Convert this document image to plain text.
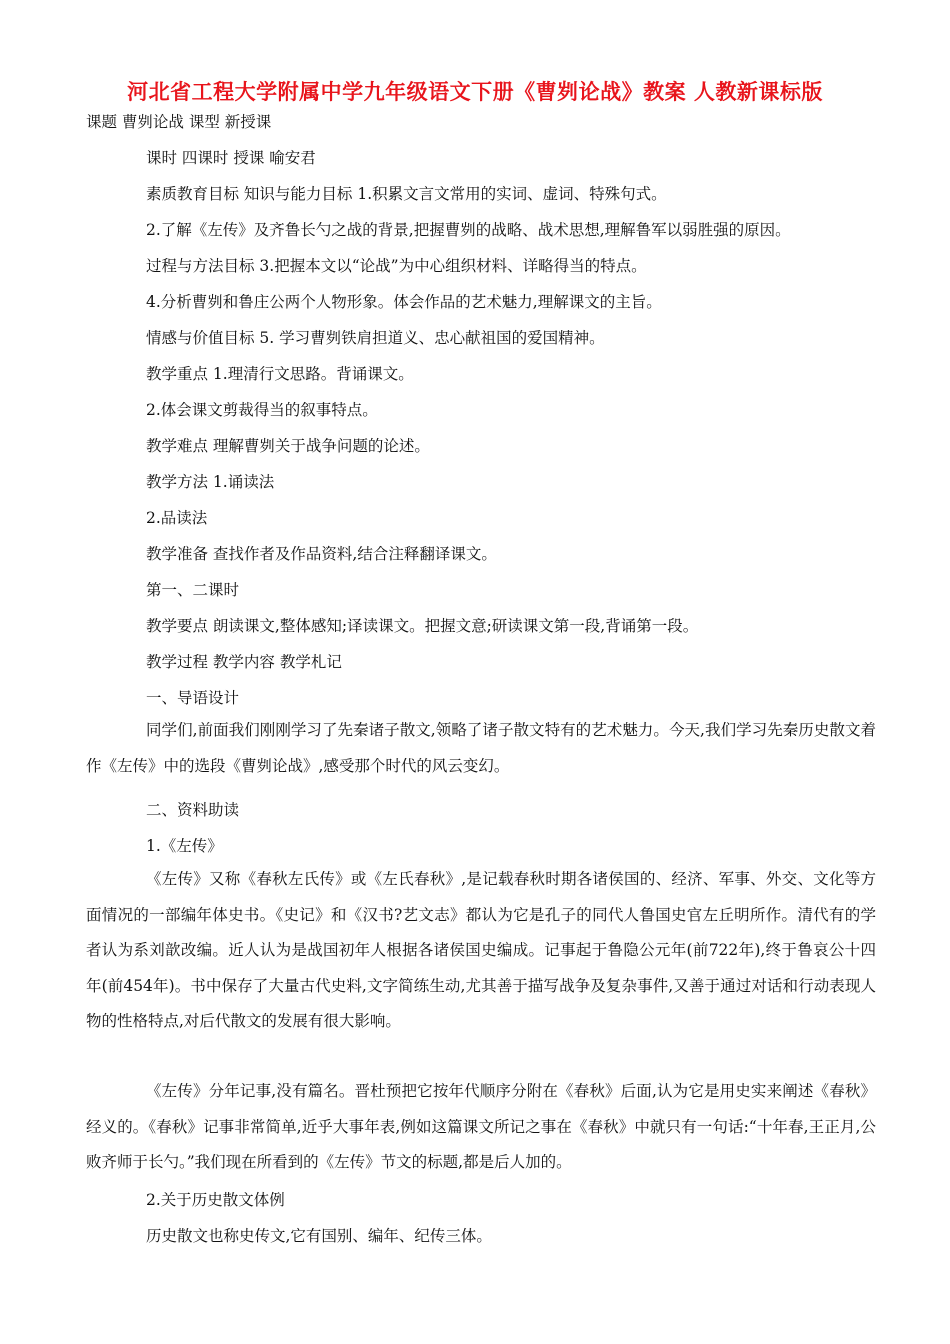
河北省工程大学附属中学九年级语文下册《曹刿论战》教案 人教新课标版
课题 曹刿论战 课型 新授课
课时 四课时 授课 喻安君
素质教育目标 知识与能力目标 1.积累文言文常用的实词、虚词、特殊句式。
2.了解《左传》及齐鲁长勺之战的背景,把握曹刿的战略、战术思想,理解鲁军以弱胜强的原因。
过程与方法目标 3.把握本文以“论战”为中心组织材料、详略得当的特点。
4.分析曹刿和鲁庄公两个人物形象。体会作品的艺术魅力,理解课文的主旨。
情感与价值目标 5. 学习曹刿铁肩担道义、忠心献祖国的爱国精神。
教学重点 1.理清行文思路。背诵课文。
2.体会课文剪裁得当的叙事特点。
教学难点 理解曹刿关于战争问题的论述。
教学方法 1.诵读法
2.品读法
教学准备 查找作者及作品资料,结合注释翻译课文。
第一、二课时
教学要点 朗读课文,整体感知;译读课文。把握文意;研读课文第一段,背诵第一段。
教学过程 教学内容 教学札记
一、导语设计
同学们,前面我们刚刚学习了先秦诸子散文,领略了诸子散文特有的艺术魅力。今天,我们学习先秦历史散文着作《左传》中的选段《曹刿论战》,感受那个时代的风云变幻。
二、资料助读
1.《左传》
《左传》又称《春秋左氏传》或《左氏春秋》,是记载春秋时期各诸侯国的、经济、军事、外交、文化等方面情况的一部编年体史书。《史记》和《汉书?艺文志》都认为它是孔子的同代人鲁国史官左丘明所作。清代有的学者认为系刘歆改编。近人认为是战国初年人根据各诸侯国史编成。记事起于鲁隐公元年(前722年),终于鲁哀公十四年(前454年)。书中保存了大量古代史料,文字简练生动,尤其善于描写战争及复杂事件,又善于通过对话和行动表现人物的性格特点,对后代散文的发展有很大影响。
《左传》分年记事,没有篇名。晋杜预把它按年代顺序分附在《春秋》后面,认为它是用史实来阐述《春秋》经义的。《春秋》记事非常简单,近乎大事年表,例如这篇课文所记之事在《春秋》中就只有一句话:“十年春,王正月,公败齐师于长勺。”我们现在所看到的《左传》节文的标题,都是后人加的。
2.关于历史散文体例
历史散文也称史传文,它有国别、编年、纪传三体。
